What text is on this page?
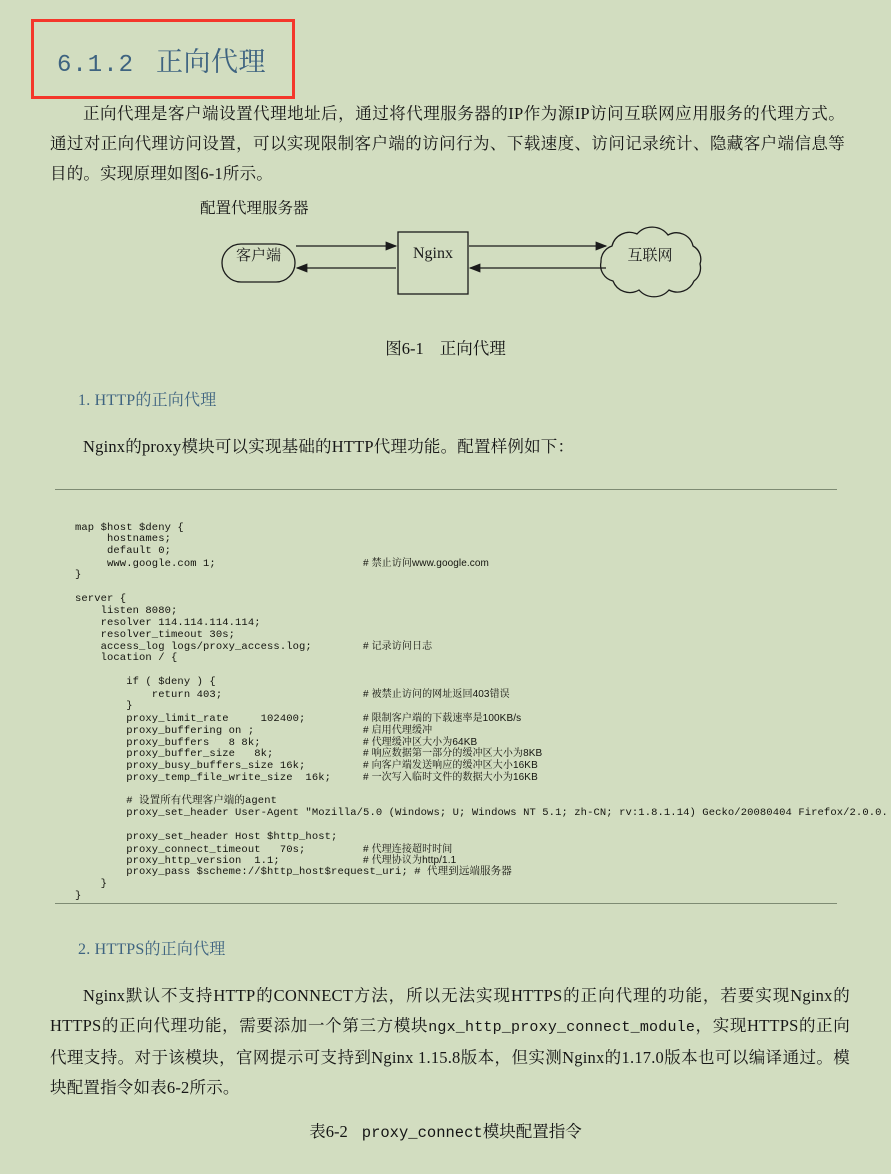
6.1.2 正向代理
正向代理是客户端设置代理地址后，通过将代理服务器的IP作为源IP访问互联网应用服务的代理方式。通过对正向代理访问设置，可以实现限制客户端的访问行为、下载速度、访问记录统计、隐藏客户端信息等目的。实现原理如图6-1所示。
配置代理服务器
客户端	Nginx	互联网
图6-1 正向代理
1. HTTP的正向代理
Nginx的proxy模块可以实现基础的HTTP代理功能。配置样例如下：
map $host $deny {
hostnames;
default 0;
www.google.com 1;                       # 禁止访问www.google.com
}

server {
listen 8080;
resolver 114.114.114.114;
resolver_timeout 30s;
access_log logs/proxy_access.log;        # 记录访问日志
location / {

if ( $deny ) {
return 403;                      # 被禁止访问的网址返回403错误
}
proxy_limit_rate     102400;         # 限制客户端的下载速率是100KB/s
proxy_buffering on ;                 # 启用代理缓冲
proxy_buffers   8 8k;                # 代理缓冲区大小为64KB
proxy_buffer_size   8k;              # 响应数据第一部分的缓冲区大小为8KB
proxy_busy_buffers_size 16k;         # 向客户端发送响应的缓冲区大小16KB
proxy_temp_file_write_size  16k;     # 一次写入临时文件的数据大小为16KB

# 设置所有代理客户端的agent
proxy_set_header User-Agent "Mozilla/5.0 (Windows; U; Windows NT 5.1; zh-CN; rv:1.8.1.14) Gecko/20080404 Firefox/2.0.0.

proxy_set_header Host $http_host;
proxy_connect_timeout   70s;         # 代理连接超时时间
proxy_http_version  1.1;             # 代理协议为http/1.1
proxy_pass $scheme://$http_host$request_uri; # 代理到远端服务器
}
}
2. HTTPS的正向代理
Nginx默认不支持HTTP的CONNECT方法，所以无法实现HTTPS的正向代理的功能，若要实现Nginx的HTTPS的正向代理功能，需要添加一个第三方模块ngx_http_proxy_connect_module，实现HTTPS的正向代理支持。对于该模块，官网提示可支持到Nginx 1.15.8版本，但实测Nginx的1.17.0版本也可以编译通过。模块配置指令如表6-2所示。
表6-2 proxy_connect模块配置指令
